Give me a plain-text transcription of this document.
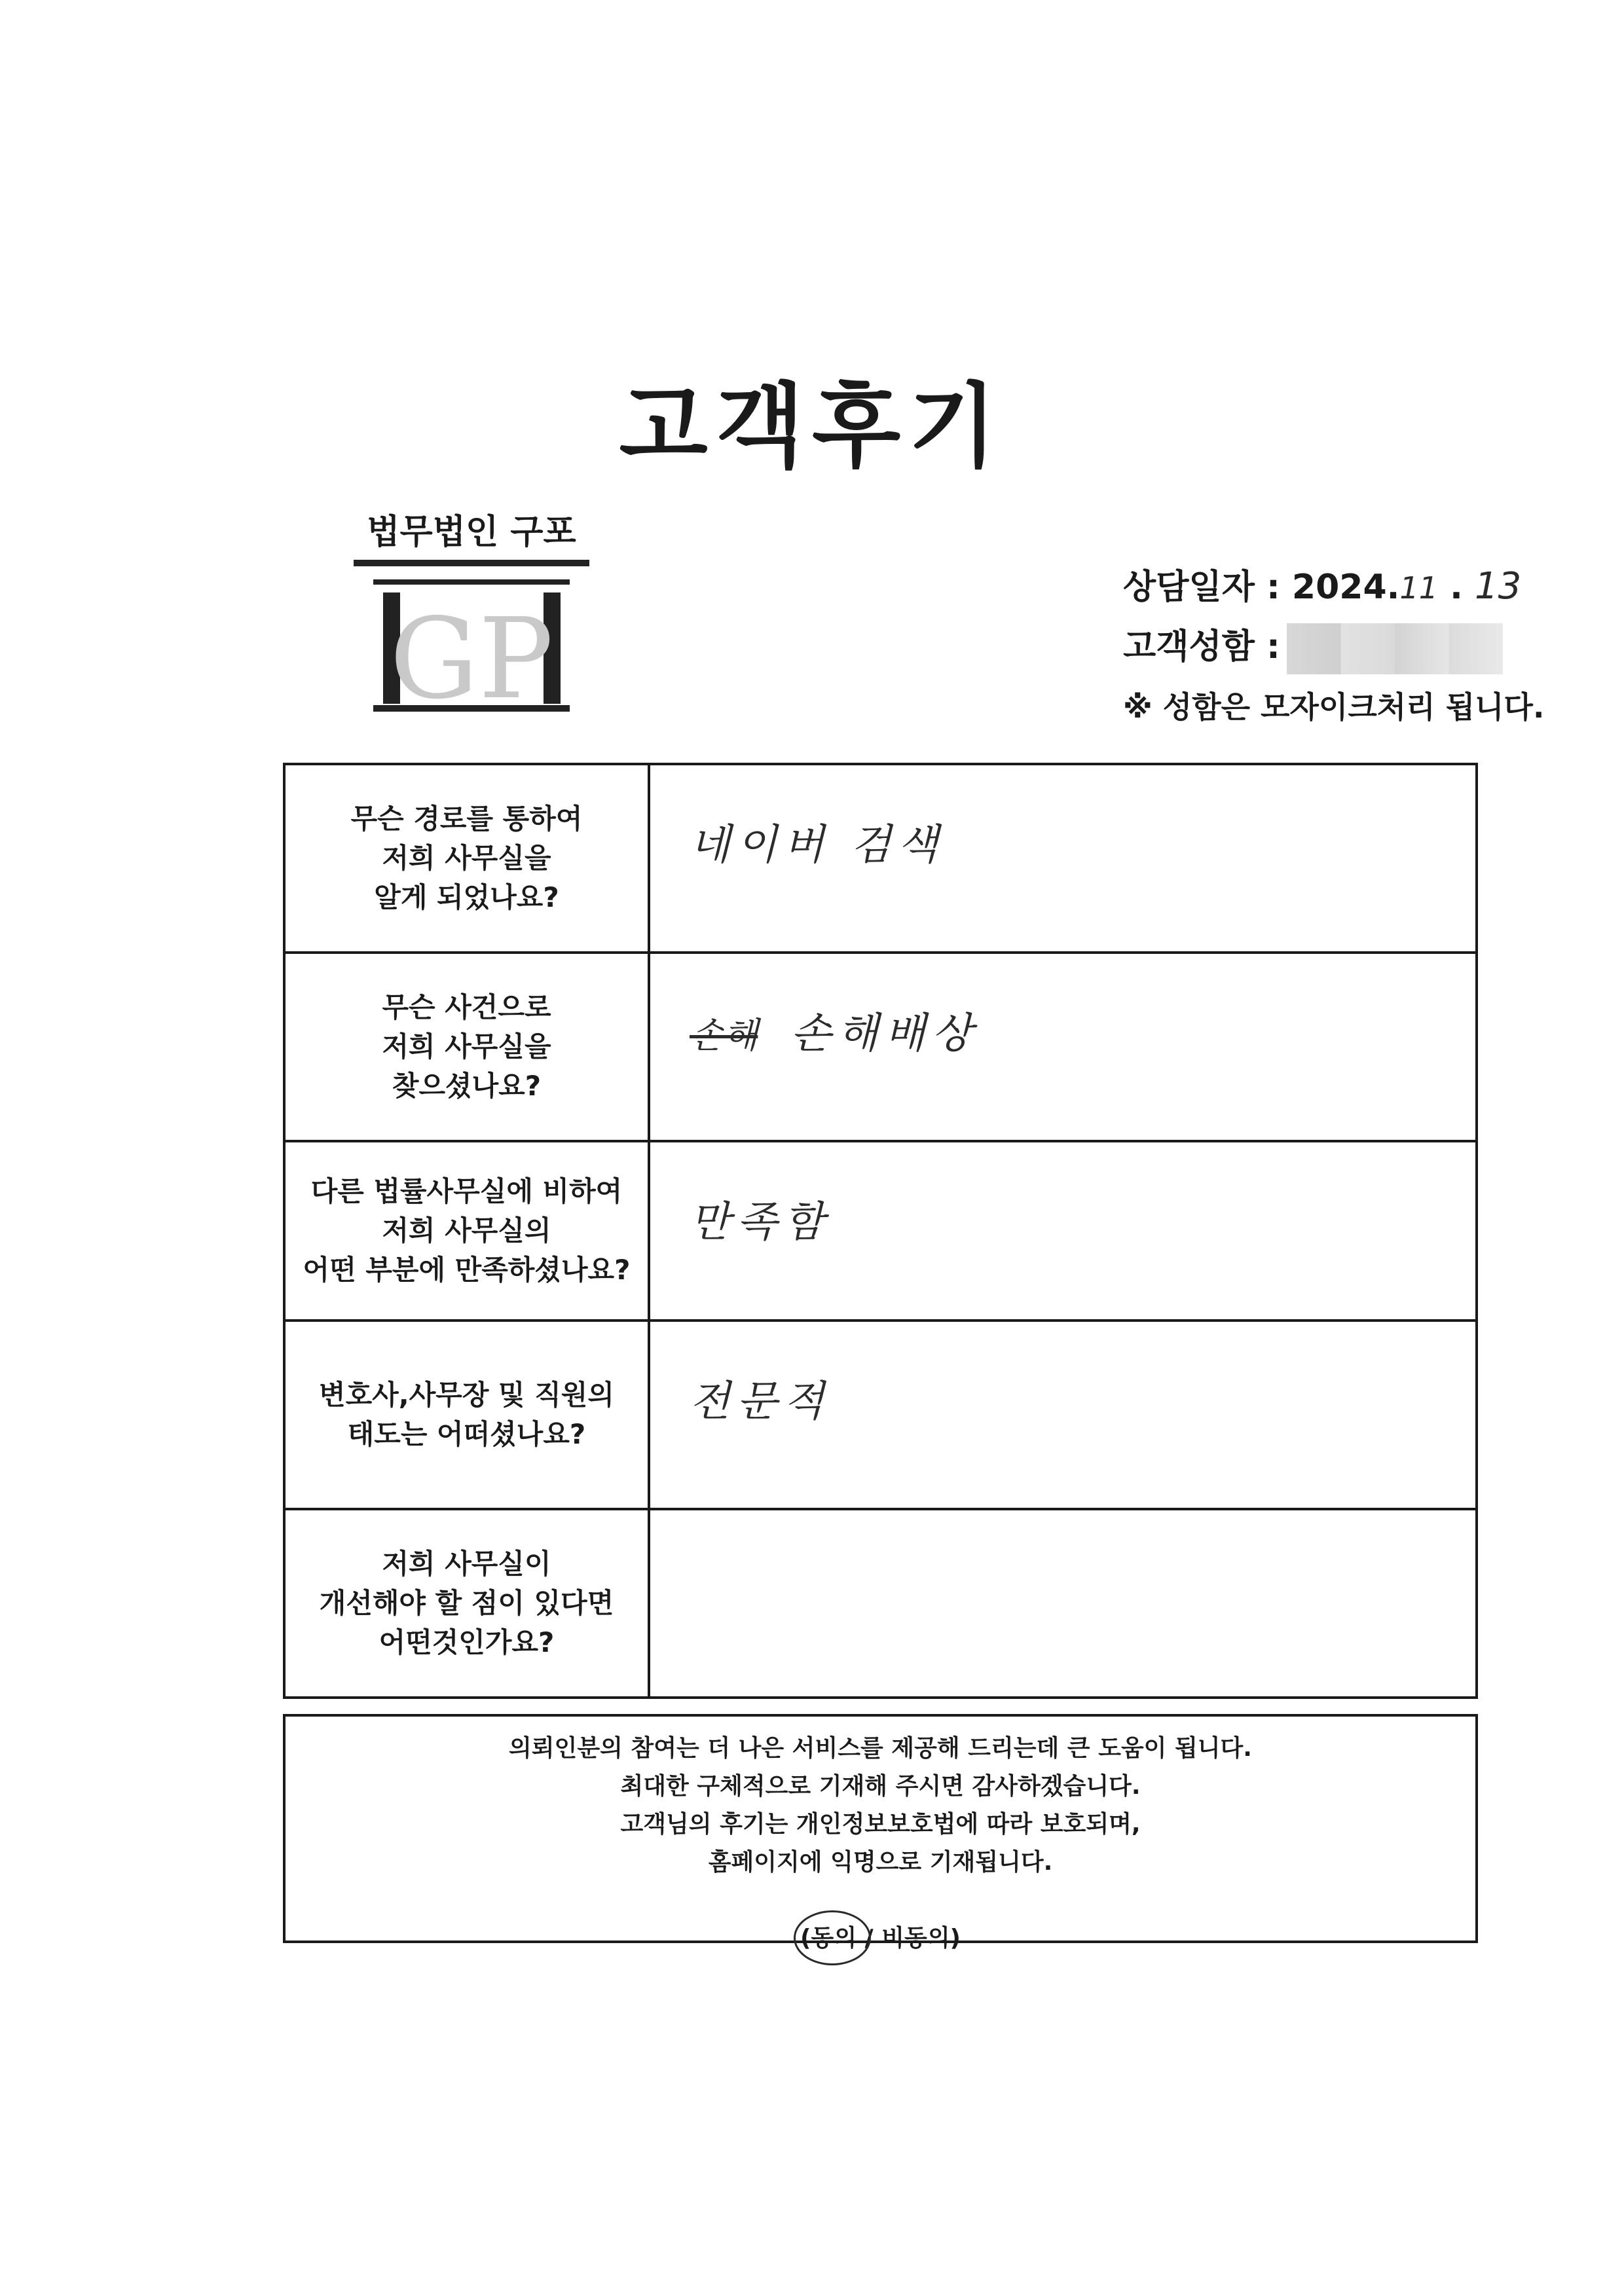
고객후기
법무법인 구포
GP
상담일자 : 2024.11 . 13
고객성함 :
※ 성함은 모자이크처리 됩니다.
무슨 경로를 통하여
저희 사무실을
알게 되었나요?	네이버 검색

무슨 사건으로
저희 사무실을
찾으셨나요?	손해 손해배상

다른 법률사무실에 비하여
저희 사무실의
어떤 부분에 만족하셨나요?	만족함

변호사,사무장 및 직원의
태도는 어떠셨나요?	전문적

저희 사무실이
개선해야 할 점이 있다면
어떤것인가요?	

의뢰인분의 참여는 더 나은 서비스를 제공해 드리는데 큰 도움이 됩니다.
최대한 구체적으로 기재해 주시면 감사하겠습니다.
고객님의 후기는 개인정보보호법에 따라 보호되며,
홈페이지에 익명으로 기재됩니다.
(동의 / 비동의)
